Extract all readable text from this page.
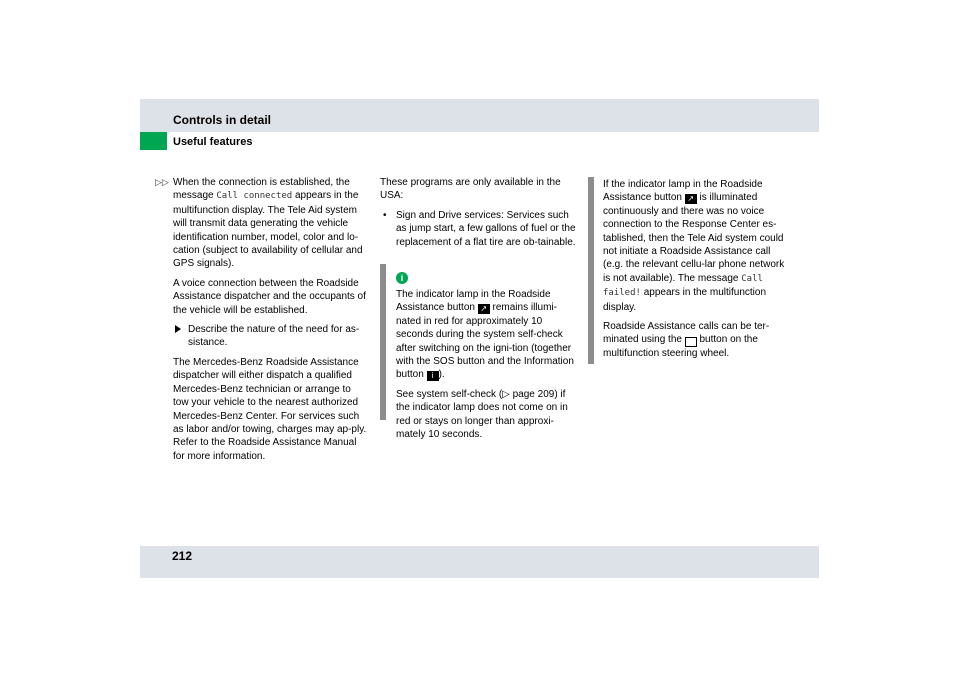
Controls in detail
Useful features
▷▷ When the connection is established, the message Call connected appears in the multifunction display. The Tele Aid system will transmit data generating the vehicle identification number, model, color and lo-cation (subject to availability of cellular and GPS signals).

A voice connection between the Roadside Assistance dispatcher and the occupants of the vehicle will be established.

Describe the nature of the need for as-sistance.

The Mercedes-Benz Roadside Assistance dispatcher will either dispatch a qualified Mercedes-Benz technician or arrange to tow your vehicle to the nearest authorized Mercedes-Benz Center. For services such as labor and/or towing, charges may ap-ply. Refer to the Roadside Assistance Manual for more information.

These programs are only available in the USA:

• Sign and Drive services: Services such as jump start, a few gallons of fuel or the replacement of a flat tire are ob-tainable.

i

The indicator lamp in the Roadside Assistance button ↗ remains illumi-nated in red for approximately 10 seconds during the system self-check after switching on the igni-tion (together with the SOS button and the Information button i ).

See system self-check (▷ page 209) if the indicator lamp does not come on in red or stays on longer than approxi-mately 10 seconds.

If the indicator lamp in the Roadside Assistance button ↗ is illuminated continuously and there was no voice connection to the Response Center es-tablished, then the Tele Aid system could not initiate a Roadside Assistance call (e.g. the relevant cellu-lar phone network is not available). The message Call failed! appears in the multifunction display.

Roadside Assistance calls can be ter-minated using the ⌒ button on the multifunction steering wheel.

212
